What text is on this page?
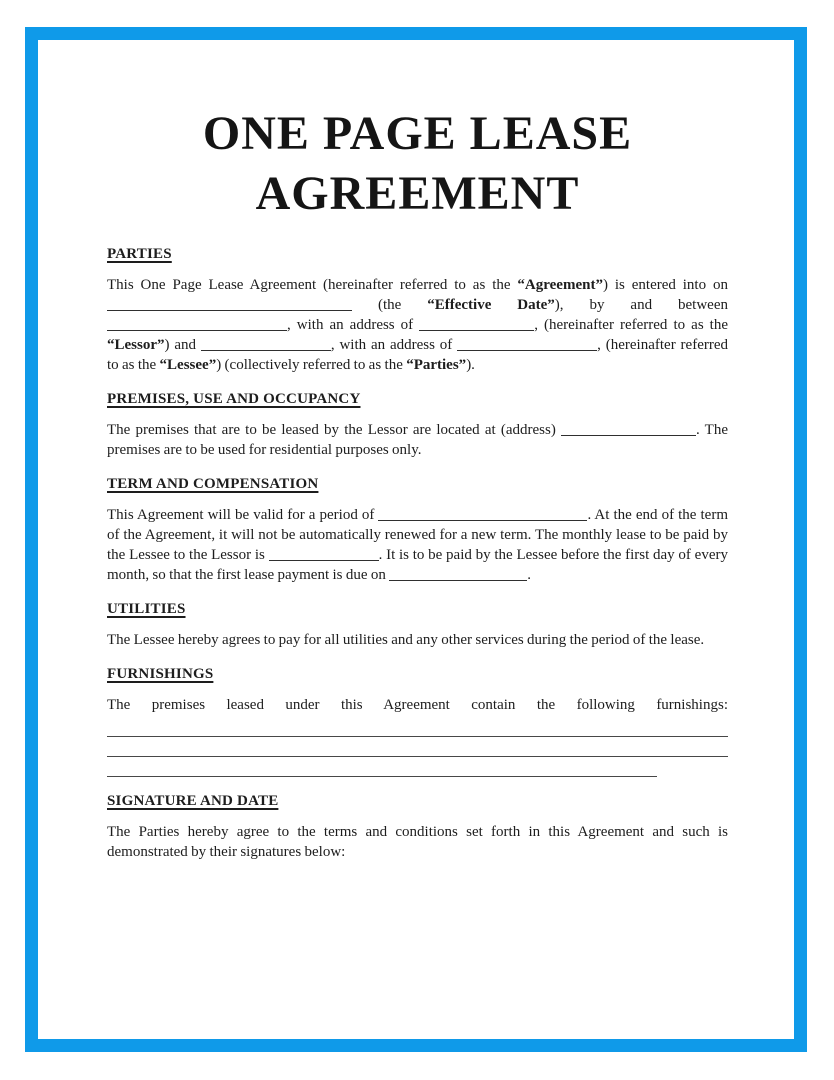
ONE PAGE LEASE
AGREEMENT
PARTIES

This One Page Lease Agreement (hereinafter referred to as the “Agreement”) is entered into on  (the “Effective Date”), by and between , with an address of	, (hereinafter referred to as the “Lessor”) and	, with an address of	, (hereinafter referred to as the “Lessee”) (collectively referred to as the “Parties”).

PREMISES, USE AND OCCUPANCY

The premises that are to be leased by the Lessor are located at (address)	. The premises are to be used for residential purposes only.

TERM AND COMPENSATION

This Agreement will be valid for a period of	. At the end of the term of the Agreement, it will not be automatically renewed for a new term. The monthly lease to be paid by the Lessee to the Lessor is	. It is to be paid by the Lessee before the first day of every month, so that the first lease payment is due on	.

UTILITIES

The Lessee hereby agrees to pay for all utilities and any other services during the period of the lease.

FURNISHINGS

The premises leased under this Agreement contain the following furnishings:

SIGNATURE AND DATE

The Parties hereby agree to the terms and conditions set forth in this Agreement and such is demonstrated by their signatures below:
